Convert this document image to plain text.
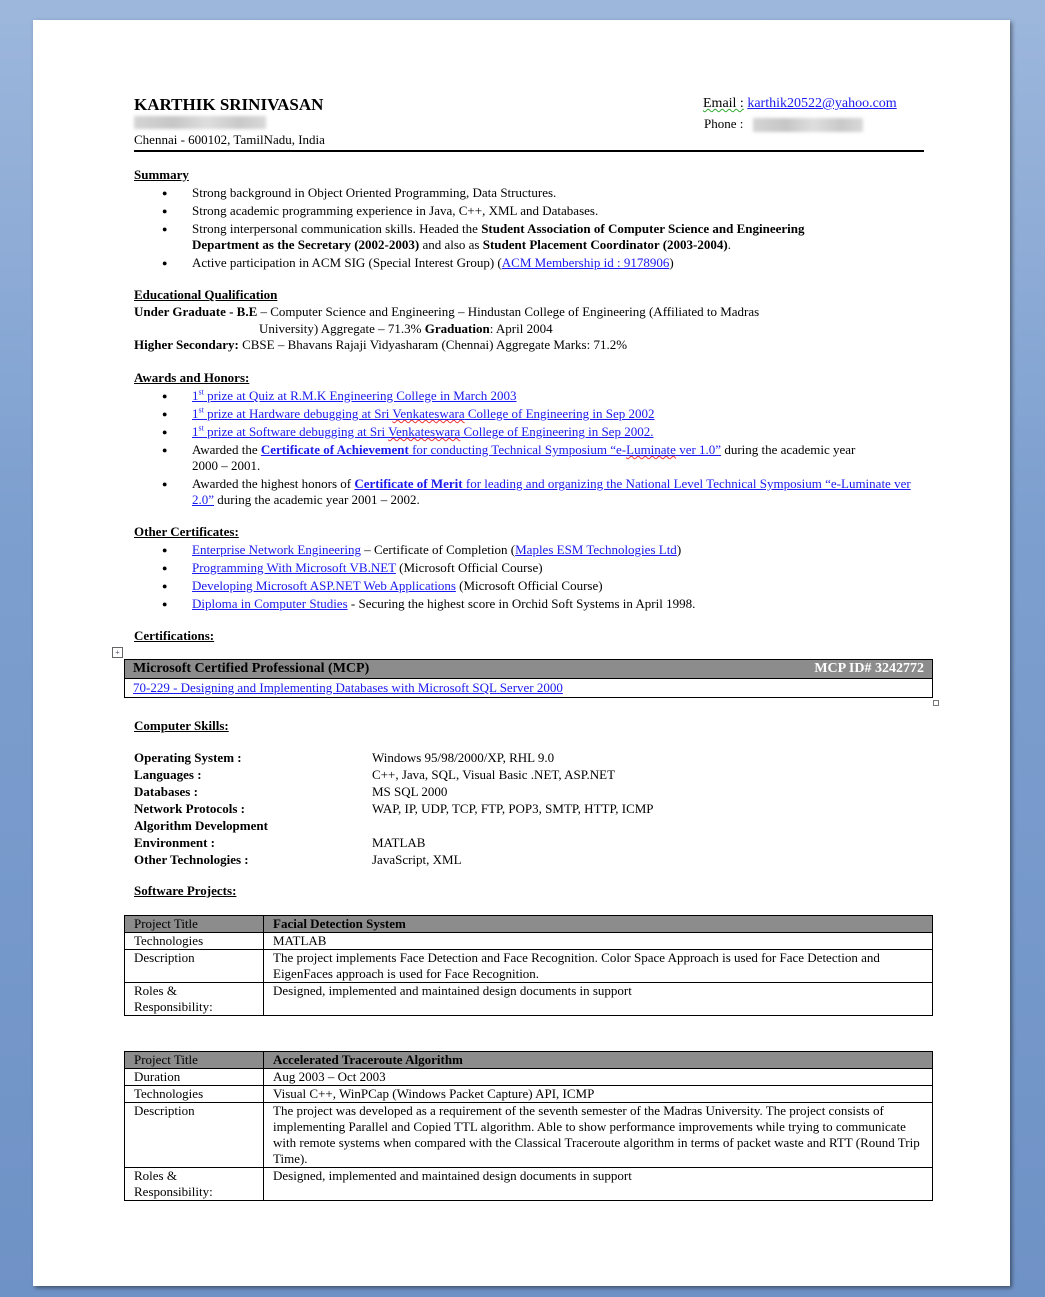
KARTHIK SRINIVASAN
Chennai - 600102, TamilNadu, India
Email : karthik20522@yahoo.com
Phone :
Summary
● Strong background in Object Oriented Programming, Data Structures.
● Strong academic programming experience in Java, C++, XML and Databases.
● Strong interpersonal communication skills. Headed the Student Association of Computer Science and Engineering Department as the Secretary (2002-2003) and also as Student Placement Coordinator (2003-2004).
● Active participation in ACM SIG (Special Interest Group) (ACM Membership id : 9178906)
Educational Qualification
Under Graduate - B.E – Computer Science and Engineering – Hindustan College of Engineering (Affiliated to Madras
University) Aggregate – 71.3% Graduation: April 2004
Higher Secondary: CBSE – Bhavans Rajaji Vidyasharam (Chennai) Aggregate Marks: 71.2%
Awards and Honors:
● 1st prize at Quiz at R.M.K Engineering College in March 2003
● 1st prize at Hardware debugging at Sri Venkateswara College of Engineering in Sep 2002
● 1st prize at Software debugging at Sri Venkateswara College of Engineering in Sep 2002.
● Awarded the Certificate of Achievement for conducting Technical Symposium “e-Luminate ver 1.0” during the academic year 2000 – 2001.
● Awarded the highest honors of Certificate of Merit for leading and organizing the National Level Technical Symposium “e-Luminate ver 2.0” during the academic year 2001 – 2002.
Other Certificates:
● Enterprise Network Engineering – Certificate of Completion (Maples ESM Technologies Ltd)
● Programming With Microsoft VB.NET (Microsoft Official Course)
● Developing Microsoft ASP.NET Web Applications (Microsoft Official Course)
● Diploma in Computer Studies - Securing the highest score in Orchid Soft Systems in April 1998.
Certifications:
+
Microsoft Certified Professional (MCP)	MCP ID# 3242772

70-229 - Designing and Implementing Databases with Microsoft SQL Server 2000
Computer Skills:
Operating System :	Windows 95/98/2000/XP, RHL 9.0
Languages :	C++, Java, SQL, Visual Basic .NET, ASP.NET
Databases :	MS SQL 2000
Network Protocols :	WAP, IP, UDP, TCP, FTP, POP3, SMTP, HTTP, ICMP
Algorithm Development
Environment :	MATLAB
Other Technologies :	JavaScript, XML
Software Projects:
Project Title	Facial Detection System
Technologies	MATLAB
Description	The project implements Face Detection and Face Recognition. Color Space Approach is used for Face Detection and EigenFaces approach is used for Face Recognition.
Roles & Responsibility:	Designed, implemented and maintained design documents in support
Project Title	Accelerated Traceroute Algorithm
Duration	Aug 2003 – Oct 2003
Technologies	Visual C++, WinPCap (Windows Packet Capture) API, ICMP
Description	The project was developed as a requirement of the seventh semester of the Madras University. The project consists of implementing Parallel and Copied TTL algorithm. Able to show performance improvements while trying to communicate with remote systems when compared with the Classical Traceroute algorithm in terms of packet waste and RTT (Round Trip Time).
Roles & Responsibility:	Designed, implemented and maintained design documents in support
